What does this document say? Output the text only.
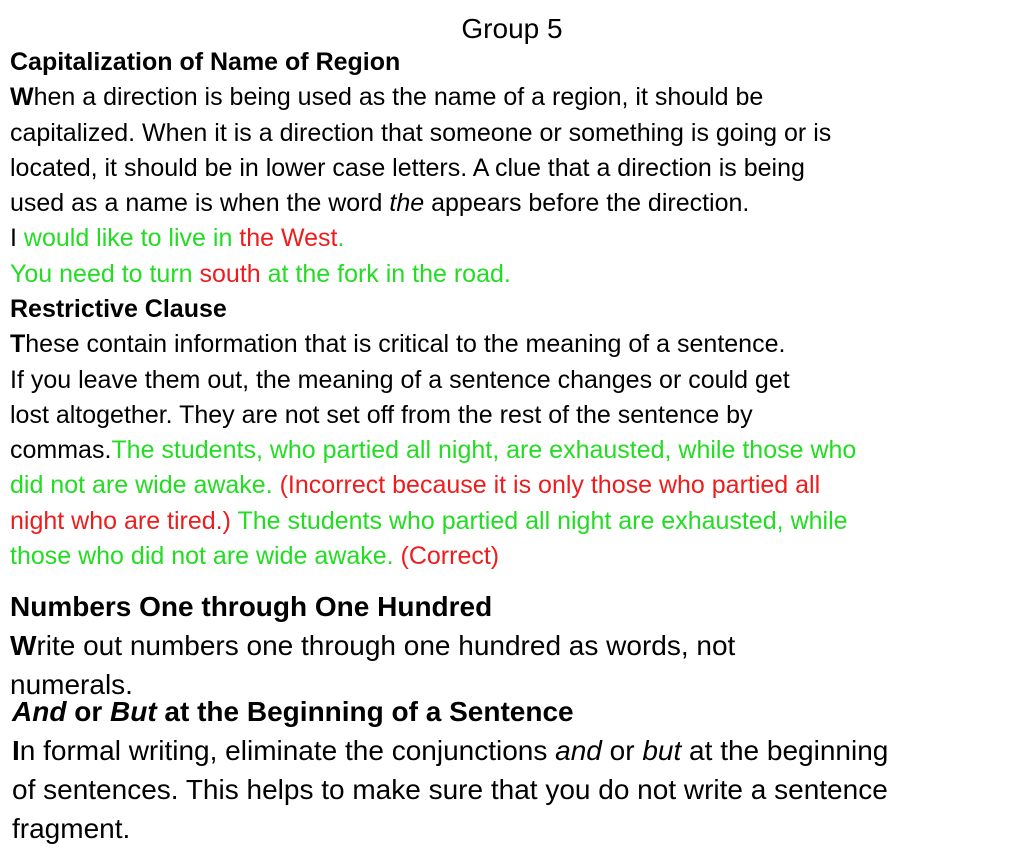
Group 5
Capitalization of Name of Region
When a direction is being used as the name of a region, it should be
capitalized. When it is a direction that someone or something is going or is
located, it should be in lower case letters. A clue that a direction is being
used as a name is when the word the appears before the direction.
I would like to live in the West.
You need to turn south at the fork in the road.
Restrictive Clause
These contain information that is critical to the meaning of a sentence.
If you leave them out, the meaning of a sentence changes or could get
lost altogether. They are not set off from the rest of the sentence by
commas.The students, who partied all night, are exhausted, while those who
did not are wide awake. (Incorrect because it is only those who partied all
night who are tired.) The students who partied all night are exhausted, while
those who did not are wide awake. (Correct)
Numbers One through One Hundred
Write out numbers one through one hundred as words, not
numerals.
And or But at the Beginning of a Sentence
In formal writing, eliminate the conjunctions and or but at the beginning
of sentences. This helps to make sure that you do not write a sentence
fragment.
